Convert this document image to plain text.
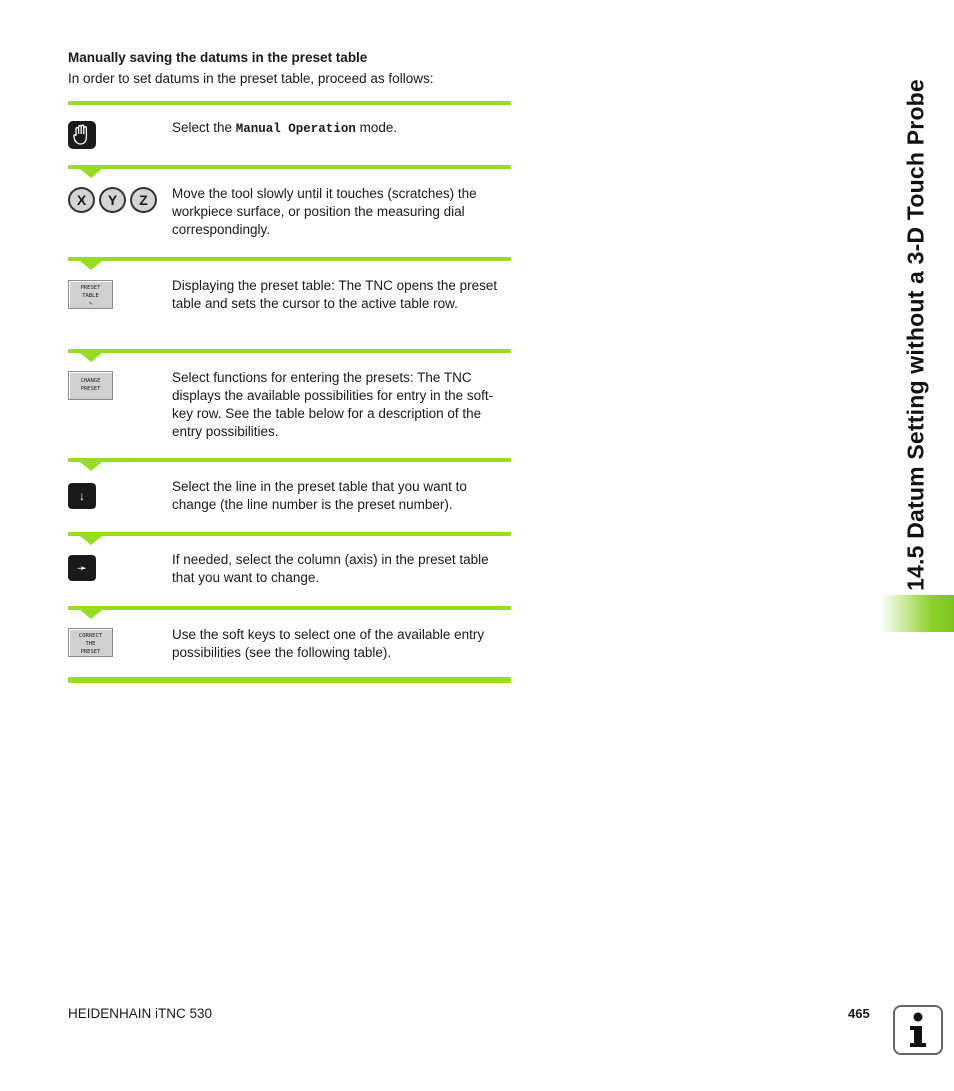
Manually saving the datums in the preset table
In order to set datums in the preset table, proceed as follows:
Select the Manual Operation mode.
X	Y	Z	Move the tool slowly until it touches (scratches) the workpiece surface, or position the measuring dial correspondingly.
PRESET
TABLE
✎
Displaying the preset table: The TNC opens the preset table and sets the cursor to the active table row.
CHANGE
PRESET
Select functions for entering the presets: The TNC displays the available possibilities for entry in the soft-key row. See the table below for a description of the entry possibilities.
↓
Select the line in the preset table that you want to change (the line number is the preset number).
➛
If needed, select the column (axis) in the preset table that you want to change.
CORRECT
THE
PRESET
Use the soft keys to select one of the available entry possibilities (see the following table).
14.5 Datum Setting without a 3-D Touch Probe
HEIDENHAIN iTNC 530	465
